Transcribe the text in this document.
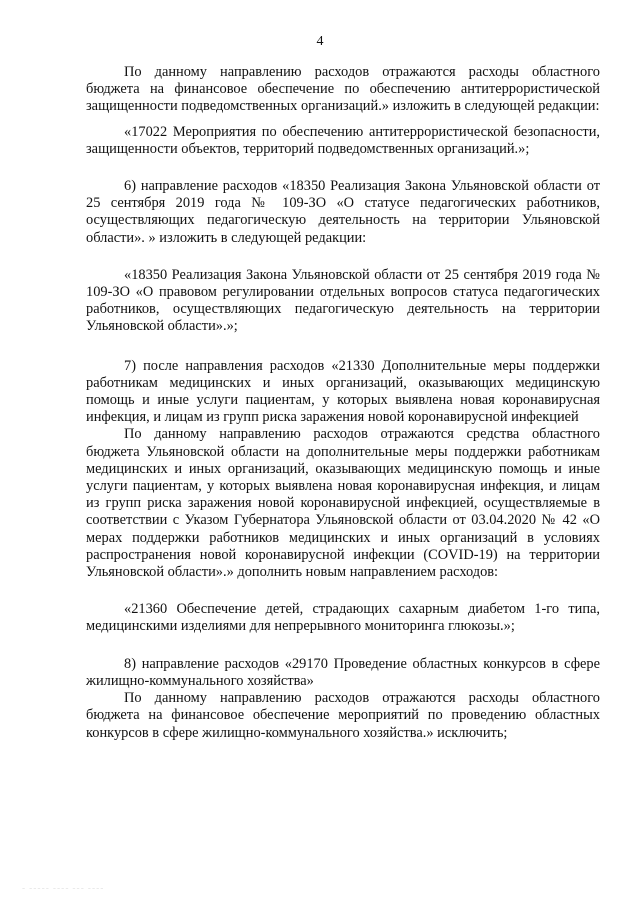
4

По данному направлению расходов отражаются расходы областного бюджета на финансовое обеспечение по обеспечению антитеррористической защищенности подведомственных организаций.» изложить в следующей редакции:

«17022 Мероприятия по обеспечению антитеррористической безопасности, защищенности объектов, территорий подведомственных организаций.»;

6) направление расходов «18350 Реализация Закона Ульяновской области от 25 сентября 2019 года № 109-ЗО «О статусе педагогических работников, осуществляющих педагогическую деятельность на территории Ульяновской области». » изложить в следующей редакции:

«18350 Реализация Закона Ульяновской области от 25 сентября 2019 года № 109-ЗО «О правовом регулировании отдельных вопросов статуса педагогических работников, осуществляющих педагогическую деятельность на территории Ульяновской области».»;

7) после направления расходов «21330 Дополнительные меры поддержки работникам медицинских и иных организаций, оказывающих медицинскую помощь и иные услуги пациентам, у которых выявлена новая коронавирусная инфекция, и лицам из групп риска заражения новой коронавирусной инфекцией

По данному направлению расходов отражаются средства областного бюджета Ульяновской области на дополнительные меры поддержки работникам медицинских и иных организаций, оказывающих медицинскую помощь и иные услуги пациентам, у которых выявлена новая коронавирусная инфекция, и лицам из групп риска заражения новой коронавирусной инфекцией, осуществляемые в соответствии с Указом Губернатора Ульяновской области от 03.04.2020 № 42 «О мерах поддержки работников медицинских и иных организаций в условиях распространения новой коронавирусной инфекции (COVID-19) на территории Ульяновской области».» дополнить новым направлением расходов:

«21360 Обеспечение детей, страдающих сахарным диабетом 1-го типа, медицинскими изделиями для непрерывного мониторинга глюкозы.»;

8) направление расходов «29170 Проведение областных конкурсов в сфере жилищно-коммунального хозяйства»

По данному направлению расходов отражаются расходы областного бюджета на финансовое обеспечение мероприятий по проведению областных конкурсов в сфере жилищно-коммунального хозяйства.» исключить;

⁻ ⁻⁻⁻⁻⁻ ⁻⁻⁻⁻ ⁻⁻⁻ ⁻⁻⁻⁻
